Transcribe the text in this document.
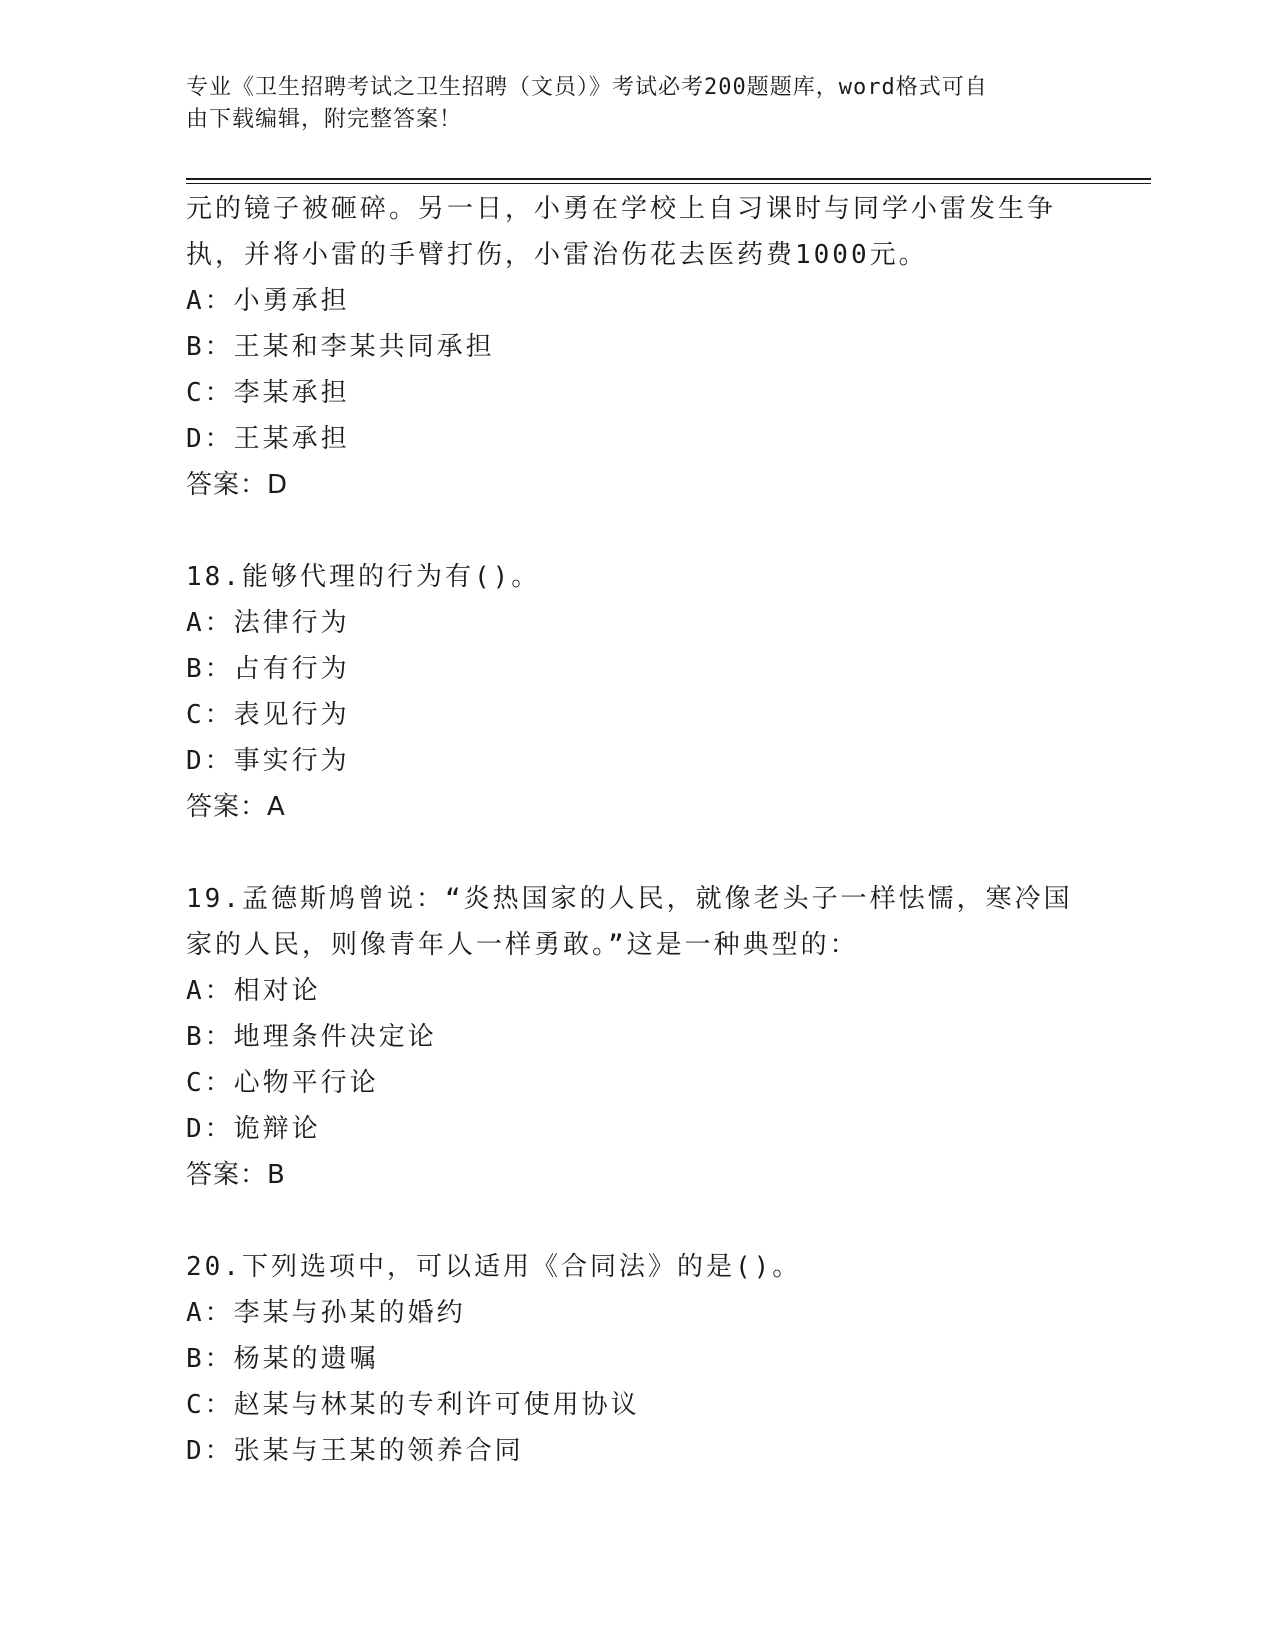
专业《卫生招聘考试之卫生招聘（文员）》考试必考200题题库，word格式可自
由下载编辑，附完整答案！
元的镜子被砸碎。另一日，小勇在学校上自习课时与同学小雷发生争
执，并将小雷的手臂打伤，小雷治伤花去医药费1000元。
A：小勇承担
B：王某和李某共同承担
C：李某承担
D：王某承担
答案：D
18.能够代理的行为有()。
A：法律行为
B：占有行为
C：表见行为
D：事实行为
答案：A
19.孟德斯鸠曾说：“炎热国家的人民，就像老头子一样怯懦，寒冷国
家的人民，则像青年人一样勇敢。”这是一种典型的：
A：相对论
B：地理条件决定论
C：心物平行论
D：诡辩论
答案：B
20.下列选项中，可以适用《合同法》的是()。
A：李某与孙某的婚约
B：杨某的遗嘱
C：赵某与林某的专利许可使用协议
D：张某与王某的领养合同
